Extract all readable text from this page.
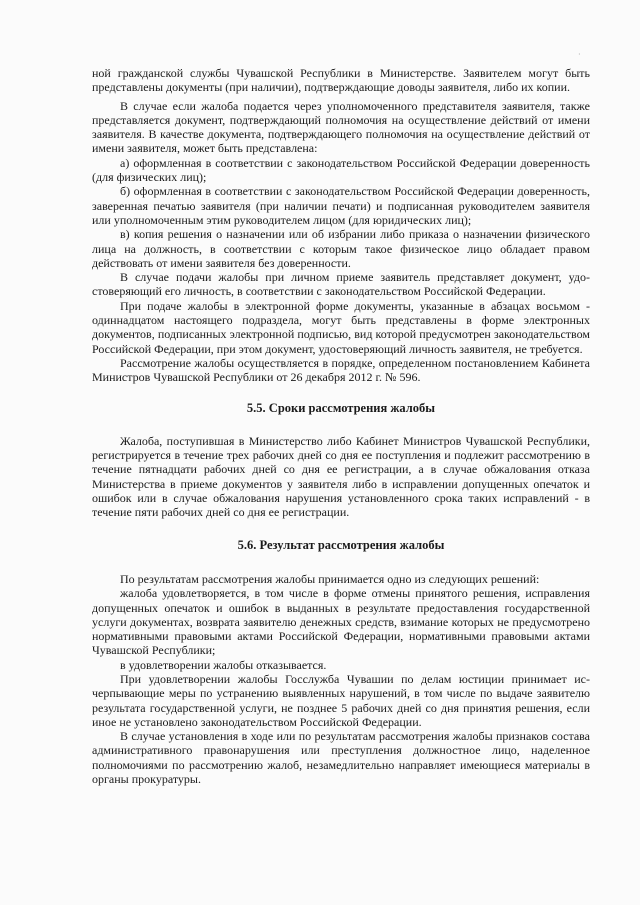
·

ной гражданской службы Чувашской Республики в Министерстве. Заявителем могут быть представлены документы (при наличии), подтверждающие доводы заявителя, либо их копии.

В случае если жалоба подается через уполномоченного представителя заявителя, также представляется документ, подтверждающий полномочия на осуществление действий от имени заявителя. В качестве документа, подтверждающего полномочия на осуществление действий от имени заявителя, может быть представлена:

а) оформленная в соответствии с законодательством Российской Федерации доверенность (для физических лиц);

б) оформленная в соответствии с законодательством Российской Федерации доверенность, заверенная печатью заявителя (при наличии печати) и подписанная руководителем заявителя или уполномоченным этим руководителем лицом (для юридических лиц);

в) копия решения о назначении или об избрании либо приказа о назначении физического лица на должность, в соответствии с которым такое физическое лицо обладает правом действовать от имени заявителя без доверенности.

В случае подачи жалобы при личном приеме заявитель представляет документ, удостоверяющий его личность, в соответствии с законодательством Российской Федерации.

При подаче жалобы в электронной форме документы, указанные в абзацах восьмом - одиннадцатом настоящего подраздела, могут быть представлены в форме электронных документов, подписанных электронной подписью, вид которой предусмотрен законодательством Российской Федерации, при этом документ, удостоверяющий личность заявителя, не требуется.

Рассмотрение жалобы осуществляется в порядке, определенном постановлением Кабинета Министров Чувашской Республики от 26 декабря 2012 г. № 596.

5.5. Сроки рассмотрения жалобы

Жалоба, поступившая в Министерство либо Кабинет Министров Чувашской Республики, регистрируется в течение трех рабочих дней со дня ее поступления и подлежит рассмотрению в течение пятнадцати рабочих дней со дня ее регистрации, а в случае обжалования отказа Министерства в приеме документов у заявителя либо в исправлении допущенных опечаток и ошибок или в случае обжалования нарушения установленного срока таких исправлений - в течение пяти рабочих дней со дня ее регистрации.

5.6. Результат рассмотрения жалобы

По результатам рассмотрения жалобы принимается одно из следующих решений:

жалоба удовлетворяется, в том числе в форме отмены принятого решения, исправления допущенных опечаток и ошибок в выданных в результате предоставления государственной услуги документах, возврата заявителю денежных средств, взимание которых не предусмотрено нормативными правовыми актами Российской Федерации, нормативными правовыми актами Чувашской Республики;

в удовлетворении жалобы отказывается.

При удовлетворении жалобы Госслужба Чувашии по делам юстиции принимает исчерпывающие меры по устранению выявленных нарушений, в том числе по выдаче заявителю результата государственной услуги, не позднее 5 рабочих дней со дня принятия решения, если иное не установлено законодательством Российской Федерации.

В случае установления в ходе или по результатам рассмотрения жалобы признаков состава административного правонарушения или преступления должностное лицо, наделенное полномочиями по рассмотрению жалоб, незамедлительно направляет имеющиеся материалы в органы прокуратуры.
